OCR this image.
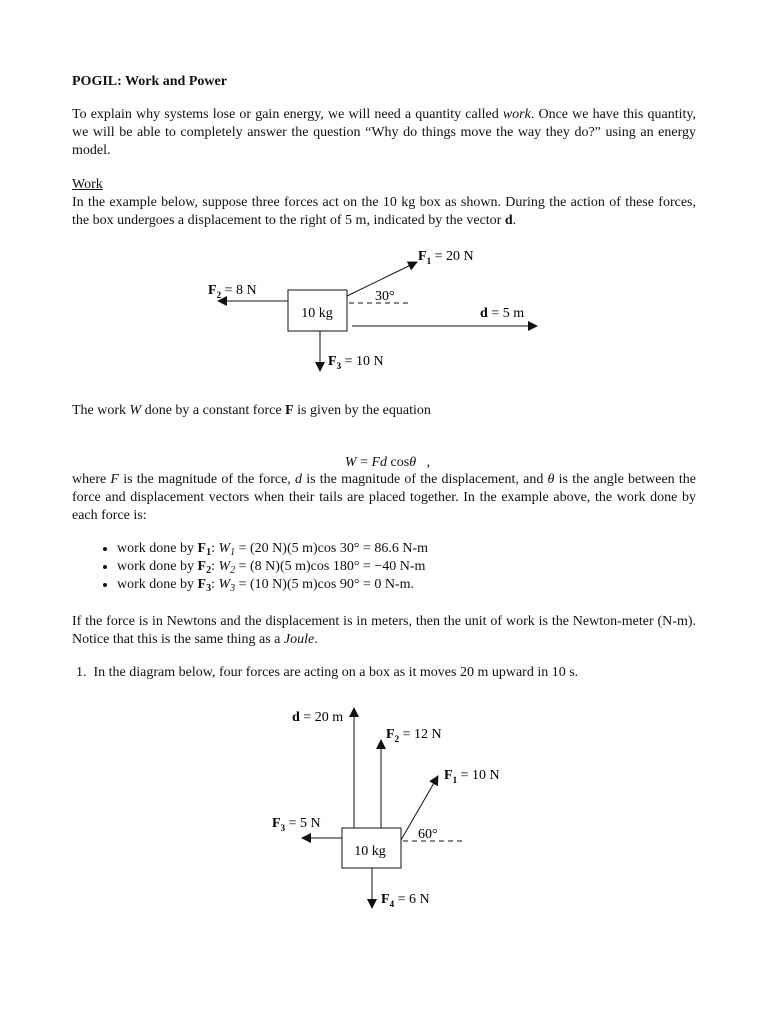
POGIL: Work and Power

To explain why systems lose or gain energy, we will need a quantity called work. Once we have this quantity, we will be able to completely answer the question “Why do things move the way they do?” using an energy model.

Work

In the example below, suppose three forces act on the 10 kg box as shown. During the action of these forces, the box undergoes a displacement to the right of 5 m, indicated by the vector d.

10 kg
$F_2 = 8$ N
$F_1 = 20$ N
30°
d = 5 m
$F_3 = 10$ N

The work W done by a constant force F is given by the equation

W = Fd cosθ   ,

where F is the magnitude of the force, d is the magnitude of the displacement, and θ is the angle between the force and displacement vectors when their tails are placed together. In the example above, the work done by each force is:

• work done by $F_1$: $W_1 = (20$ N)(5 m)cos 30° = 86.6 N-m
• work done by $F_2$: $W_2 = (8$ N)(5 m)cos 180° = −40 N-m
• work done by $F_3$: $W_3 = (10$ N)(5 m)cos 90° = 0 N-m.

If the force is in Newtons and the displacement is in meters, then the unit of work is the Newton-meter (N-m). Notice that this is the same thing as a Joule.

1. In the diagram below, four forces are acting on a box as it moves 20 m upward in 10 s.
10 kg
d = 20 m
$F_2 = 12$ N
$F_1 = 10$ N
60°
$F_3 = 5$ N
$F_4 = 6$ N
